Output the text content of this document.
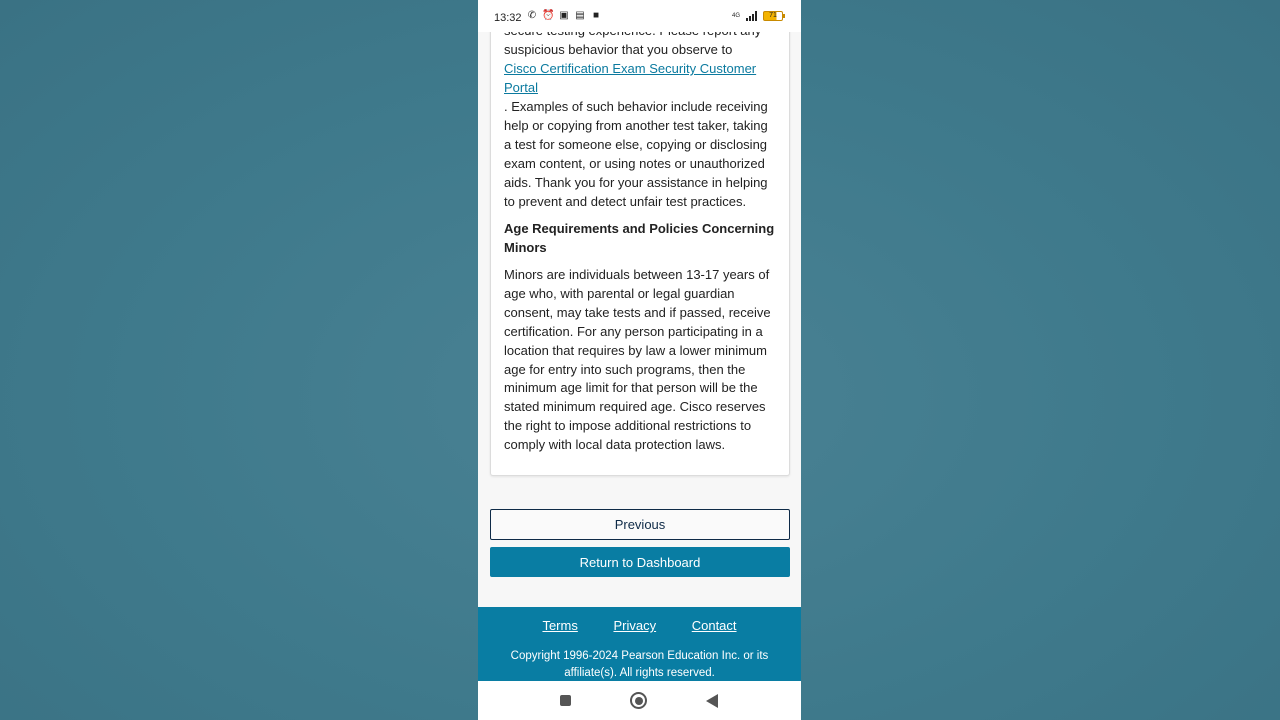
13:32 ✆ ⏰ ▣ ▤ ■	4G	71

suspicious behavior that you observe to

Cisco Certification Exam Security Customer Portal

. Examples of such behavior include receiving help or copying from another test taker, taking a test for someone else, copying or disclosing exam content, or using notes or unauthorized aids. Thank you for your assistance in helping to prevent and detect unfair test practices.

Age Requirements and Policies Concerning Minors

Minors are individuals between 13-17 years of age who, with parental or legal guardian consent, may take tests and if passed, receive certification. For any person participating in a location that requires by law a lower minimum age for entry into such programs, then the minimum age limit for that person will be the stated minimum required age. Cisco reserves the right to impose additional restrictions to comply with local data protection laws.

Previous
Return to Dashboard
Terms	Privacy	Contact

Copyright 1996-2024 Pearson Education Inc. or its affiliate(s). All rights reserved.
